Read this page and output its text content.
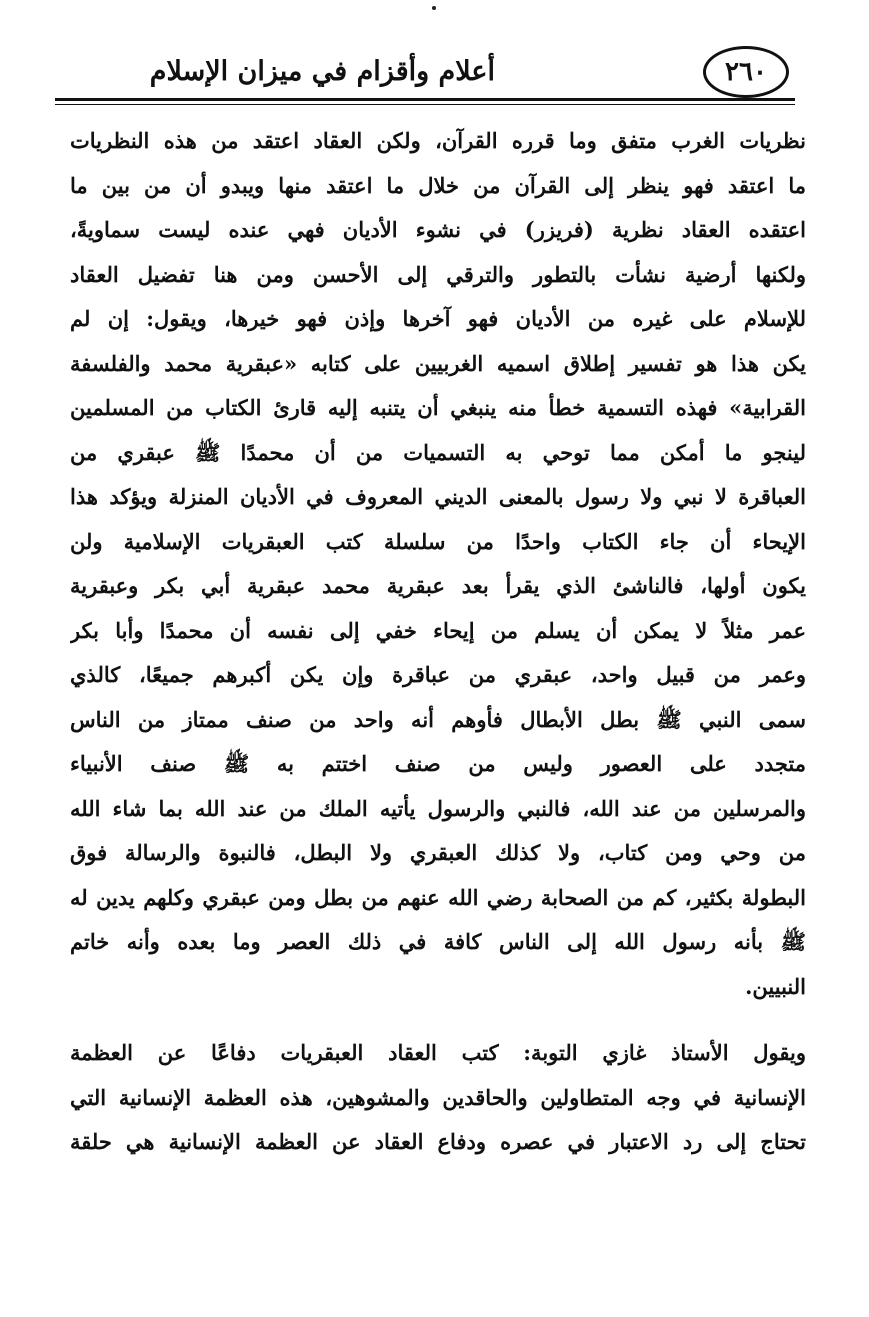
أعلام وأقزام في ميزان الإسلام	٢٦٠
نظريات الغرب متفق وما قرره القرآن، ولكن العقاد اعتقد من هذه النظريات
ما اعتقد فهو ينظر إلى القرآن من خلال ما اعتقد منها ويبدو أن من بين ما
اعتقده العقاد نظرية (فريزر) في نشوء الأديان فهي عنده ليست سماويةً،
ولكنها أرضية نشأت بالتطور والترقي إلى الأحسن ومن هنا تفضيل العقاد
للإسلام على غيره من الأديان فهو آخرها وإذن فهو خيرها، ويقول: إن لم
يكن هذا هو تفسير إطلاق اسميه الغربيين على كتابه «عبقرية محمد والفلسفة
القرابية» فهذه التسمية خطأ منه ينبغي أن يتنبه إليه قارئ الكتاب من المسلمين
لينجو ما أمكن مما توحي به التسميات من أن محمدًا ﷺ عبقري من
العباقرة لا نبي ولا رسول بالمعنى الديني المعروف في الأديان المنزلة ويؤكد هذا
الإيحاء أن جاء الكتاب واحدًا من سلسلة كتب العبقريات الإسلامية ولن
يكون أولها، فالناشئ الذي يقرأ بعد عبقرية محمد عبقرية أبي بكر وعبقرية
عمر مثلاً لا يمكن أن يسلم من إيحاء خفي إلى نفسه أن محمدًا وأبا بكر
وعمر من قبيل واحد، عبقري من عباقرة وإن يكن أكبرهم جميعًا، كالذي
سمى النبي ﷺ بطل الأبطال فأوهم أنه واحد من صنف ممتاز من الناس
متجدد على العصور وليس من صنف اختتم به ﷺ صنف الأنبياء
والمرسلين من عند الله، فالنبي والرسول يأتيه الملك من عند الله بما شاء الله
من وحي ومن كتاب، ولا كذلك العبقري ولا البطل، فالنبوة والرسالة فوق
البطولة بكثير، كم من الصحابة رضي الله عنهم من بطل ومن عبقري وكلهم يدين له
ﷺ بأنه رسول الله إلى الناس كافة في ذلك العصر وما بعده وأنه خاتم
النبيين.
ويقول الأستاذ غازي التوبة: كتب العقاد العبقريات دفاعًا عن العظمة
الإنسانية في وجه المتطاولين والحاقدين والمشوهين، هذه العظمة الإنسانية التي
تحتاج إلى رد الاعتبار في عصره ودفاع العقاد عن العظمة الإنسانية هي حلقة
